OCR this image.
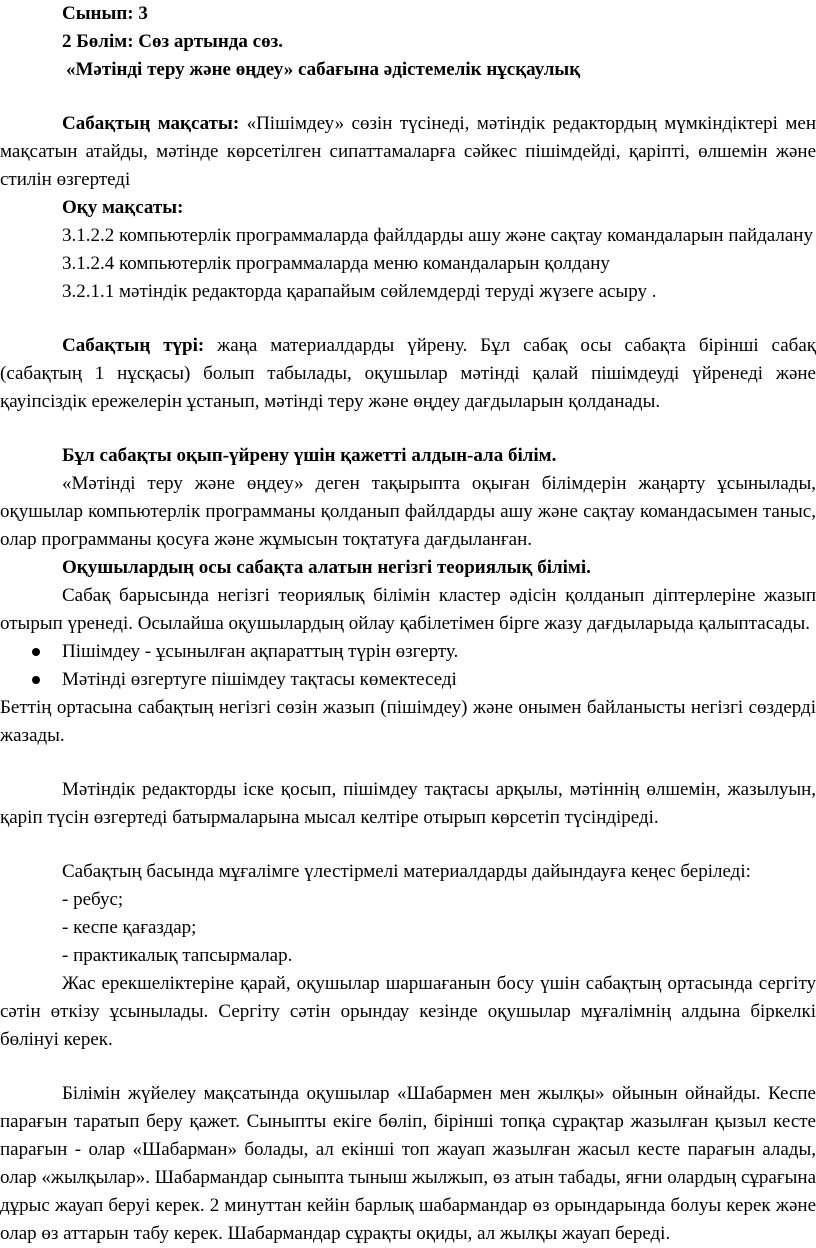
Сынып: 3
2 Бөлім: Сөз артында сөз.
«Мәтінді теру және өңдеу» сабағына әдістемелік нұсқаулық

Сабақтың мақсаты: «Пішімдеу» сөзін түсінеді, мәтіндік редактордың мүмкіндіктері мен мақсатын атайды, мәтінде көрсетілген сипаттамаларға сәйкес пішімдейді, қаріпті, өлшемін және стилін өзгертеді

Оқу мақсаты:

3.1.2.2 компьютерлік программаларда файлдарды ашу және сақтау командаларын пайдалану

3.1.2.4 компьютерлік программаларда меню командаларын қолдану

3.2.1.1 мәтіндік редакторда қарапайым сөйлемдерді теруді жүзеге асыру .

Сабақтың түрі: жаңа материалдарды үйрену. Бұл сабақ осы сабақта бірінші сабақ (сабақтың 1 нұсқасы) болып табылады, оқушылар мәтінді қалай пішімдеуді үйренеді және қауіпсіздік ережелерін ұстанып, мәтінді теру және өңдеу дағдыларын қолданады.

Бұл сабақты оқып-үйрену үшін қажетті алдын-ала білім.

«Мәтінді теру және өңдеу» деген тақырыпта оқыған білімдерін жаңарту ұсынылады, оқушылар компьютерлік программаны қолданып файлдарды ашу және сақтау командасымен таныс, олар программаны қосуға және жұмысын тоқтатуға дағдыланған.

Оқушылардың осы сабақта алатын негізгі теориялық білімі.

Сабақ барысында негізгі теориялық білімін кластер әдісін қолданып діптерлеріне жазып отырып үренеді. Осылайша оқушылардың ойлау қабілетімен бірге жазу дағдыларыда қалыптасады.

Пішімдеу - ұсынылған ақпараттың түрін өзгерту.
Мәтінді өзгертуге пішімдеу тақтасы көмектеседі

Беттің ортасына сабақтың негізгі сөзін жазып (пішімдеу) және онымен байланысты негізгі сөздерді жазады.

Мәтіндік редакторды іске қосып, пішімдеу тақтасы арқылы, мәтіннің өлшемін, жазылуын, қаріп түсін өзгертеді батырмаларына мысал келтіре отырып көрсетіп түсіндіреді.

Сабақтың басында мұғалімге үлестірмелі материалдарды дайындауға кеңес беріледі:

- ребус;
- кеспе қағаздар;
- практикалық тапсырмалар.

Жас ерекшеліктеріне қарай, оқушылар шаршағанын босу үшін сабақтың ортасында сергіту сәтін өткізу ұсынылады. Сергіту сәтін орындау кезінде оқушылар мұғалімнің алдына біркелкі бөлінуі керек.

Білімін жүйелеу мақсатында оқушылар «Шабармен мен жылқы» ойынын ойнайды. Кеспе парағын таратып беру қажет. Сыныпты екіге бөліп, бірінші топқа сұрақтар жазылған қызыл кесте парағын - олар «Шабарман» болады, ал екінші топ жауап жазылған жасыл кесте парағын алады, олар «жылқылар». Шабармандар сыныпта тыныш жылжып, өз атын табады, яғни олардың сұрағына дұрыс жауап беруі керек. 2 минуттан кейін барлық шабармандар өз орындарында болуы керек және олар өз аттарын табу керек. Шабармандар сұрақты оқиды, ал жылқы жауап береді.
